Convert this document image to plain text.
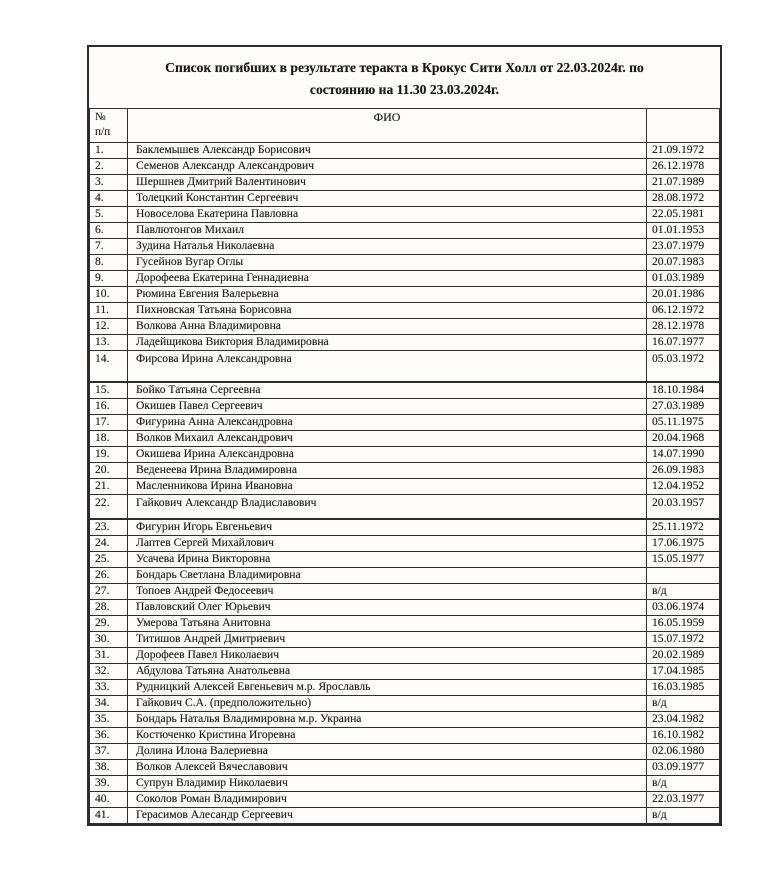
Список погибших в результате теракта в Крокус Сити Холл от 22.03.2024г. по
состоянию на 11.30 23.03.2024г.
№
п/п	ФИО	
1.	Баклемышев Александр Борисович	21.09.1972
2.	Семенов Александр Александрович	26.12.1978
3.	Шершнев Дмитрий Валентинович	21.07.1989
4.	Толецкий Константин Сергеевич	28.08.1972
5.	Новоселова Екатерина Павловна	22.05.1981
6.	Павлютонгов Михаил	01.01.1953
7.	Зудина Наталья Николаевна	23.07.1979
8.	Гусейнов Вугар Оглы	20.07.1983
9.	Дорофеева Екатерина Геннадиевна	01.03.1989
10.	Рюмина Евгения Валерьевна	20.01.1986
11.	Пихновская Татьяна Борисовна	06.12.1972
12.	Волкова Анна Владимировна	28.12.1978
13.	Ладейщикова Виктория Владимировна	16.07.1977
14.	Фирсова Ирина Александровна	05.03.1972
15.	Бойко Татьяна Сергеевна	18.10.1984
16.	Окишев Павел Сергеевич	27.03.1989
17.	Фигурина Анна Александровна	05.11.1975
18.	Волков Михаил Александрович	20.04.1968
19.	Окишева Ирина Александровна	14.07.1990
20.	Веденеева Ирина Владимировна	26.09.1983
21.	Масленникова Ирина Ивановна	12.04.1952
22.	Гайкович Александр Владиславович	20.03.1957
23.	Фигурин Игорь Евгеньевич	25.11.1972
24.	Лаптев Сергей Михайлович	17.06.1975
25.	Усачева Ирина Викторовна	15.05.1977
26.	Бондарь Светлана Владимировна	
27.	Топоев Андрей Федосеевич	в/д
28.	Павловский Олег Юрьевич	03.06.1974
29.	Умерова Татьяна Анитовна	16.05.1959
30.	Титишов Андрей Дмитриевич	15.07.1972
31.	Дорофеев Павел Николаевич	20.02.1989
32.	Абдулова Татьяна Анатольевна	17.04.1985
33.	Рудницкий Алексей Евгеньевич м.р. Ярославль	16.03.1985
34.	Гайкович С.А. (предположительно)	в/д
35.	Бондарь Наталья Владимировна м.р. Украина	23.04.1982
36.	Костюченко Кристина Игоревна	16.10.1982
37.	Долина Илона Валериевна	02.06.1980
38.	Волков Алексей Вячеславович	03.09.1977
39.	Супрун Владимир Николаевич	в/д
40.	Соколов Роман Владимирович	22.03.1977
41.	Герасимов Алесандр Сергеевич	в/д
